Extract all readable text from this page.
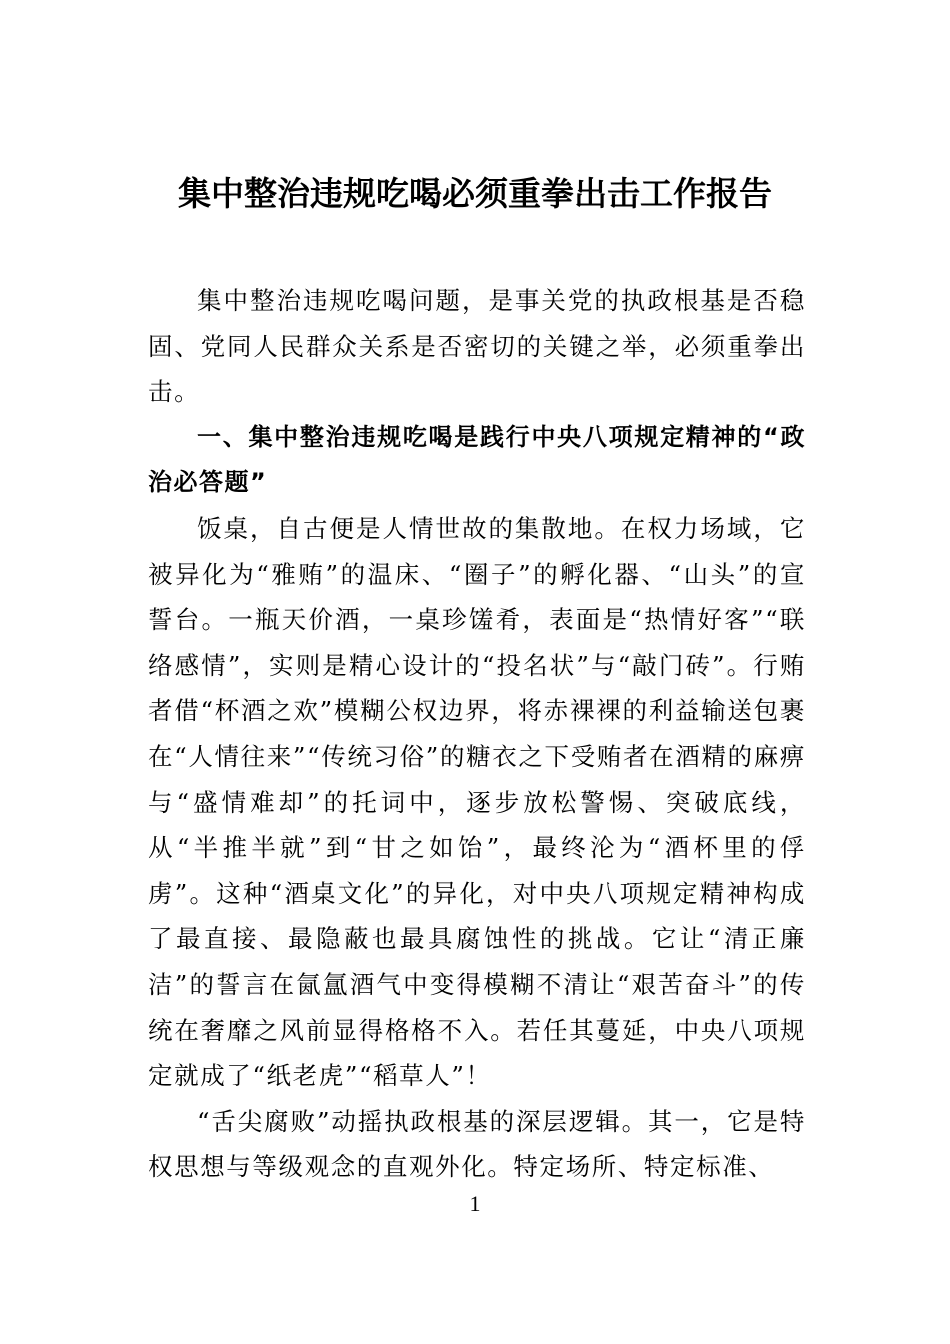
集中整治违规吃喝必须重拳出击工作报告

集中整治违规吃喝问题，是事关党的执政根基是否稳固、党同人民群众关系是否密切的关键之举，必须重拳出击。

一、集中整治违规吃喝是践行中央八项规定精神的“政治必答题”

饭桌，自古便是人情世故的集散地。在权力场域，它被异化为“雅贿”的温床、“圈子”的孵化器、“山头”的宣誓台。一瓶天价酒，一桌珍馐肴，表面是“热情好客”“联络感情”，实则是精心设计的“投名状”与“敲门砖”。行贿者借“杯酒之欢”模糊公权边界，将赤裸裸的利益输送包裹在“人情往来”“传统习俗”的糖衣之下受贿者在酒精的麻痹与“盛情难却”的托词中，逐步放松警惕、突破底线，从“半推半就”到“甘之如饴”，最终沦为“酒杯里的俘虏”。这种“酒桌文化”的异化，对中央八项规定精神构成了最直接、最隐蔽也最具腐蚀性的挑战。它让“清正廉洁”的誓言在氤氲酒气中变得模糊不清让“艰苦奋斗”的传统在奢靡之风前显得格格不入。若任其蔓延，中央八项规定就成了“纸老虎”“稻草人”！

“舌尖腐败”动摇执政根基的深层逻辑。其一，它是特权思想与等级观念的直观外化。特定场所、特定标准、

1
